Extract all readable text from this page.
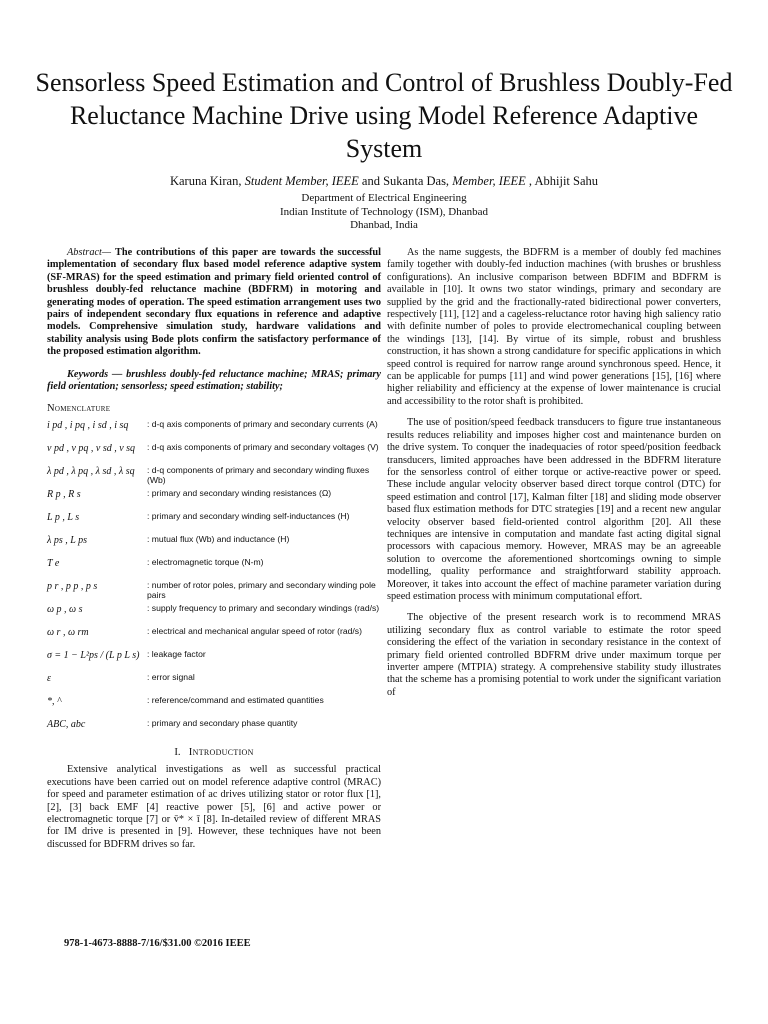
Sensorless Speed Estimation and Control of Brushless Doubly-Fed Reluctance Machine Drive using Model Reference Adaptive System
Karuna Kiran, Student Member, IEEE and Sukanta Das, Member, IEEE , Abhijit Sahu
Department of Electrical Engineering
Indian Institute of Technology (ISM), Dhanbad
Dhanbad, India

Abstract— The contributions of this paper are towards the successful implementation of secondary flux based model reference adaptive system (SF-MRAS) for the speed estimation and primary field oriented control of brushless doubly-fed reluctance machine (BDFRM) in motoring and generating modes of operation. The speed estimation arrangement uses two pairs of independent secondary flux equations in reference and adaptive models. Comprehensive simulation study, hardware validations and stability analysis using Bode plots confirm the satisfactory performance of the proposed estimation algorithm.

Keywords — brushless doubly-fed reluctance machine; MRAS; primary field orientation; sensorless; speed estimation; stability;

Nomenclature
i pd , i pq , i sd , i sq	: d-q axis components of primary and secondary currents (A)
v pd , v pq , v sd , v sq	: d-q axis components of primary and secondary voltages (V)
λ pd , λ pq , λ sd , λ sq	: d-q components of primary and secondary winding fluxes (Wb)
R p , R s	: primary and secondary winding resistances (Ω)
L p , L s	: primary and secondary winding self-inductances (H)
λ ps , L ps	: mutual flux (Wb) and inductance (H)
T e	: electromagnetic torque (N-m)
p r , p p , p s	: number of rotor poles, primary and secondary winding pole pairs
ω p , ω s	: supply frequency to primary and secondary windings (rad/s)
ω r , ω rm	: electrical and mechanical angular speed of rotor (rad/s)
σ = 1 − L²ps / (L p L s) : leakage factor
ε	: error signal
*, ^	: reference/command and estimated quantities
ABC, abc	: primary and secondary phase quantity
I. Introduction

Extensive analytical investigations as well as successful practical executions have been carried out on model reference adaptive control (MRAC) for speed and parameter estimation of ac drives utilizing stator or rotor flux [1], [2], [3] back EMF [4] reactive power [5], [6] and active power or electromagnetic torque [7] or v̄* × ī [8]. In-detailed review of different MRAS for IM drive is presented in [9]. However, these techniques have not been discussed for BDFRM drives so far.

As the name suggests, the BDFRM is a member of doubly fed machines family together with doubly-fed induction machines (with brushes or brushless configurations). An inclusive comparison between BDFIM and BDFRM is available in [10]. It owns two stator windings, primary and secondary are supplied by the grid and the fractionally-rated bidirectional power converters, respectively [11], [12] and a cageless-reluctance rotor having high saliency ratio with definite number of poles to provide electromechanical coupling between the windings [13], [14]. By virtue of its simple, robust and brushless construction, it has shown a strong candidature for specific applications in which speed control is required for narrow range around synchronous speed. Hence, it can be applicable for pumps [11] and wind power generations [15], [16] where higher reliability and efficiency at the expense of lower maintenance is crucial and accessibility to the rotor shaft is prohibited.

The use of position/speed feedback transducers to figure true instantaneous results reduces reliability and imposes higher cost and maintenance burden on the drive system. To conquer the inadequacies of rotor speed/position feedback transducers, limited approaches have been addressed in the BDFRM literature for the sensorless control of either torque or active-reactive power or speed. These include angular velocity observer based direct torque control (DTC) for speed estimation and control [17], Kalman filter [18] and sliding mode observer based flux estimation methods for DTC strategies [19] and a recent new angular velocity observer based field-oriented control algorithm [20]. All these techniques are intensive in computation and mandate fast acting digital signal processors with capacious memory. However, MRAS may be an agreeable solution to overcome the aforementioned shortcomings owning to simple modelling, quality performance and straightforward stability approach. Moreover, it takes into account the effect of machine parameter variation during speed estimation process with minimum computational effort.

The objective of the present research work is to recommend MRAS utilizing secondary flux as control variable to estimate the rotor speed considering the effect of the variation in secondary resistance in the context of primary field oriented controlled BDFRM drive under maximum torque per inverter ampere (MTPIA) strategy. A comprehensive stability study illustrates that the scheme has a promising potential to work under the significant variation of

978-1-4673-8888-7/16/$31.00 ©2016 IEEE
